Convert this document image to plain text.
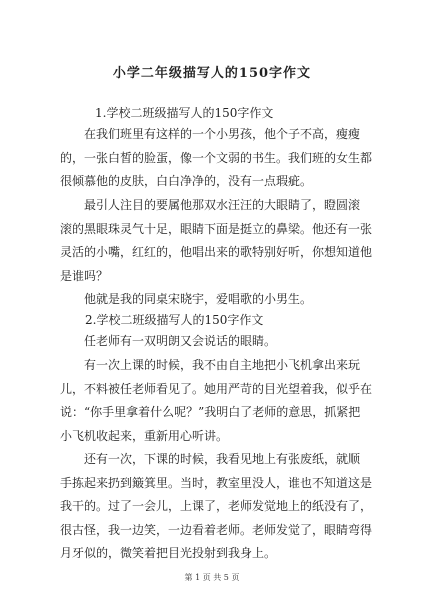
小学二年级描写人的150字作文
1.学校二班级描写人的150字作文
在我们班里有这样的一个小男孩，他个子不高，瘦瘦
的，一张白皙的脸蛋，像一个文弱的书生。我们班的女生都
很倾慕他的皮肤，白白净净的，没有一点瑕疵。
最引人注目的要属他那双水汪汪的大眼睛了，瞪圆滚
滚的黑眼珠灵气十足，眼睛下面是挺立的鼻梁。他还有一张
灵活的小嘴，红红的，他唱出来的歌特别好听，你想知道他
是谁吗？
他就是我的同桌宋晓宇，爱唱歌的小男生。
2.学校二班级描写人的150字作文
任老师有一双明朗又会说话的眼睛。
有一次上课的时候，我不由自主地把小飞机拿出来玩
儿，不料被任老师看见了。她用严苛的目光望着我，似乎在
说：“你手里拿着什么呢？”我明白了老师的意思，抓紧把
小飞机收起来，重新用心听讲。
还有一次，下课的时候，我看见地上有张废纸，就顺
手拣起来扔到簸箕里。当时，教室里没人，谁也不知道这是
我干的。过了一会儿，上课了，老师发觉地上的纸没有了，
很古怪，我一边笑，一边看着老师。老师发觉了，眼睛弯得
月牙似的，微笑着把目光投射到我身上。
第 1 页 共 5 页
